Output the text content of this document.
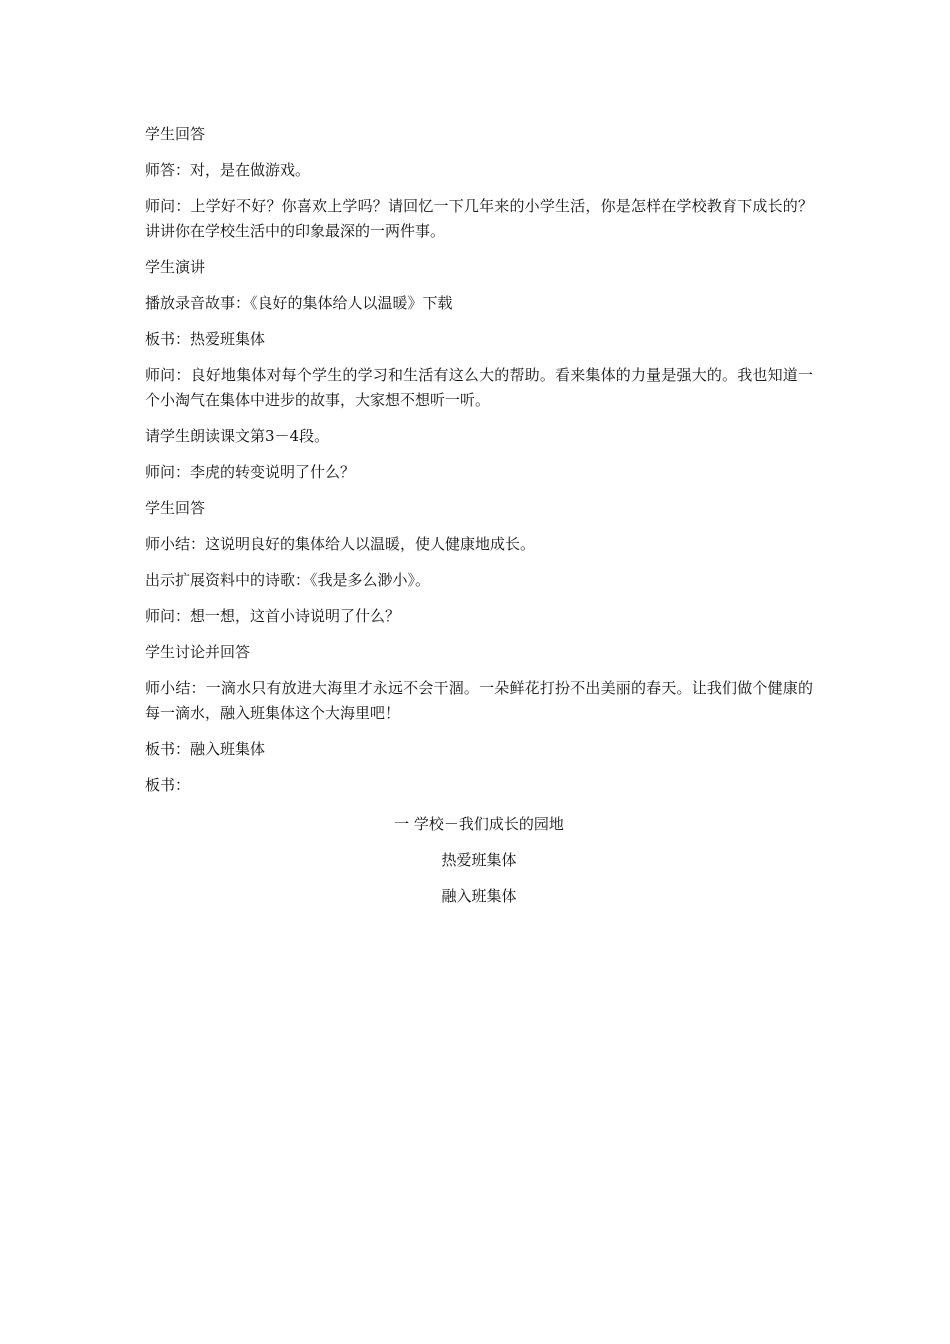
学生回答

师答：对，是在做游戏。

师问：上学好不好？你喜欢上学吗？请回忆一下几年来的小学生活，你是怎样在学校教育下成长的？讲讲你在学校生活中的印象最深的一两件事。

学生演讲

播放录音故事：《良好的集体给人以温暖》下载

板书：热爱班集体

师问：良好地集体对每个学生的学习和生活有这么大的帮助。看来集体的力量是强大的。我也知道一个小淘气在集体中进步的故事，大家想不想听一听。

请学生朗读课文第3－4段。

师问：李虎的转变说明了什么？

学生回答

师小结：这说明良好的集体给人以温暖，使人健康地成长。

出示扩展资料中的诗歌：《我是多么渺小》。

师问：想一想，这首小诗说明了什么？

学生讨论并回答

师小结：一滴水只有放进大海里才永远不会干涸。一朵鲜花打扮不出美丽的春天。让我们做个健康的每一滴水，融入班集体这个大海里吧！

板书：融入班集体

板书：

一 学校－我们成长的园地

热爱班集体

融入班集体
